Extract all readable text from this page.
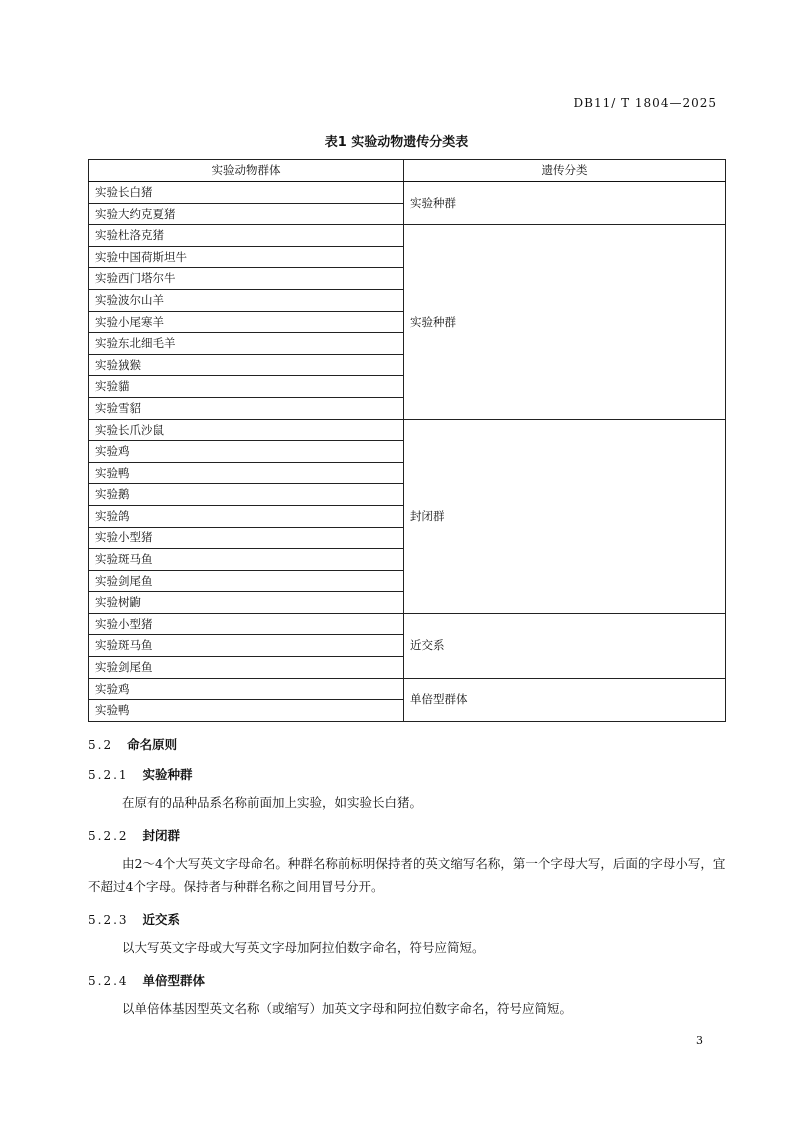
DB11/ T 1804—2025
表1 实验动物遗传分类表
实验动物群体	遗传分类
实验长白猪	实验种群
实验大约克夏猪	
实验杜洛克猪	实验种群
实验中国荷斯坦牛	
实验西门塔尔牛	
实验波尔山羊	
实验小尾寒羊	
实验东北细毛羊	
实验狨猴	
实验貓	
实验雪貂	
实验长爪沙鼠	封闭群
实验鸡	
实验鸭	
实验鹅	
实验鸽	
实验小型猪	
实验斑马鱼	
实验剑尾鱼	
实验树鼩	
实验小型猪	近交系
实验斑马鱼	
实验剑尾鱼	
实验鸡	单倍型群体
实验鸭	
5.2 命名原则
5.2.1 实验种群
在原有的品种品系名称前面加上实验，如实验长白猪。
5.2.2 封闭群
由2～4个大写英文字母命名。种群名称前标明保持者的英文缩写名称，第一个字母大写，后面的字母小写，宜不超过4个字母。保持者与种群名称之间用冒号分开。
5.2.3 近交系
以大写英文字母或大写英文字母加阿拉伯数字命名，符号应简短。
5.2.4 单倍型群体
以单倍体基因型英文名称（或缩写）加英文字母和阿拉伯数字命名，符号应简短。
3
